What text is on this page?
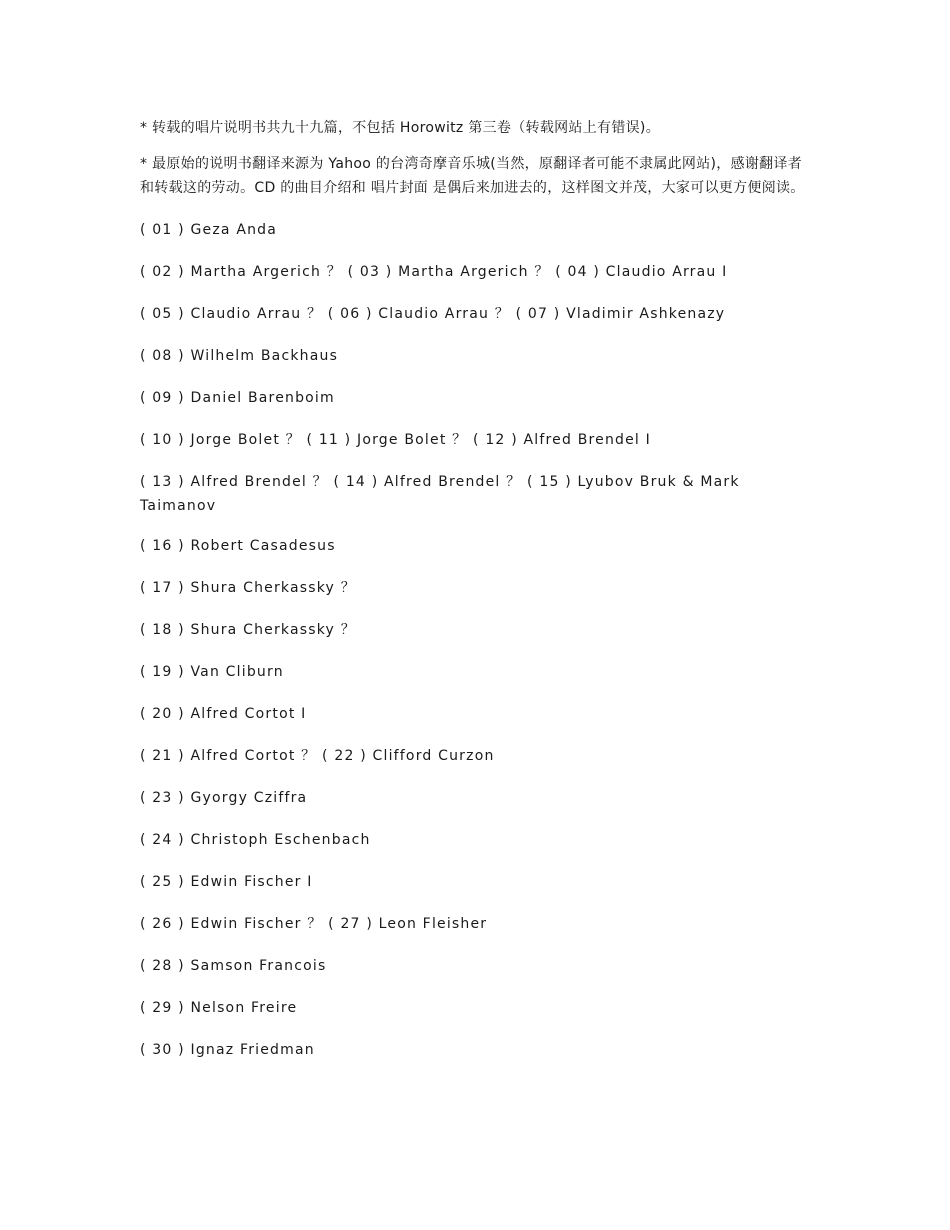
* 转载的唱片说明书共九十九篇，不包括 Horowitz 第三卷（转载网站上有错误)。

* 最原始的说明书翻译来源为 Yahoo 的台湾奇摩音乐城(当然，原翻译者可能不隶属此网站)，感谢翻译者和转载这的劳动。CD 的曲目介绍和 唱片封面 是偶后来加进去的，这样图文并茂，大家可以更方便阅读。

( 01 ) Geza Anda

( 02 ) Martha Argerich ？ ( 03 ) Martha Argerich ？ ( 04 ) Claudio Arrau I

( 05 ) Claudio Arrau ？ ( 06 ) Claudio Arrau ？ ( 07 ) Vladimir Ashkenazy

( 08 ) Wilhelm Backhaus

( 09 ) Daniel Barenboim

( 10 ) Jorge Bolet ？ ( 11 ) Jorge Bolet ？ ( 12 ) Alfred Brendel I

( 13 ) Alfred Brendel ？ ( 14 ) Alfred Brendel ？ ( 15 ) Lyubov Bruk & Mark Taimanov

( 16 ) Robert Casadesus

( 17 ) Shura Cherkassky ？

( 18 ) Shura Cherkassky ？

( 19 ) Van Cliburn

( 20 ) Alfred Cortot I

( 21 ) Alfred Cortot ？ ( 22 ) Clifford Curzon

( 23 ) Gyorgy Cziffra

( 24 ) Christoph Eschenbach

( 25 ) Edwin Fischer I

( 26 ) Edwin Fischer ？ ( 27 ) Leon Fleisher

( 28 ) Samson Francois

( 29 ) Nelson Freire

( 30 ) Ignaz Friedman
